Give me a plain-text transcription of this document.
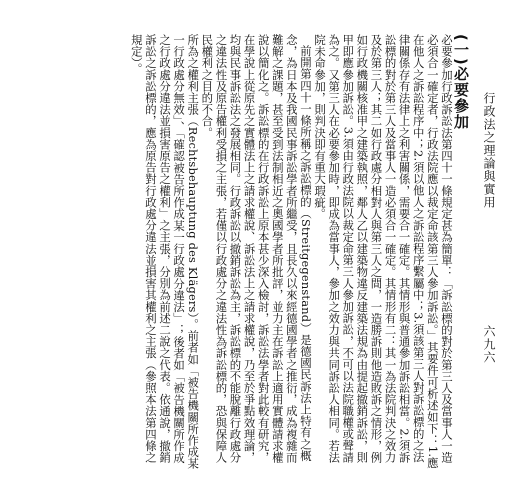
行政法之理論與實用
(一)必要參加
必要參加行政訴訟法第四十一條規定甚為簡單：「訴訟標的對於第三人及當事人一造必須合一確定者，行政法院應以裁定命該第三人參加訴訟。」其要件可析述如下：1.應在他人之訴訟程序中；2.須以他人之訴訟程序繫屬中；3.須該第三人對訴訟標的之法律關係存有法律上之利害關係，需要合一確定。其情形與普通參加訴訟相當。2.須訴訟標的對於第三人及當事人一造必須合一確定。其情形有二：其一為法院判決之效力及於第三人；其二如行政處分相對人與第三人之間，一造勝訴則他造敗訴之情形，例如行政機關核准甲之建築執照，鄰人乙以建築物違反建築法規為由提起撤銷訴訟，則甲即應參加訴訟。3.須由行政法院以裁定命第三人參加訴訟，不可以法院職權或聲請為之。又第三人在必要參加時，即成為當事人，參加之效力與共同訴訟人相同。若法院未命參加，則判決即有重大瑕疵。
前開第四十一條所稱之訴訟標的（Streitgegenstand）是德國民訴法上特有之概念，為日本及我國民事訴訟學者所繼受，且長久以來經德國學者之推衍，成為複雜而難解之課題，甚至受到法制相近之奧國學者所批評，並力主在訴訟上適用實體請求權說以簡化之。訴訟標的在行政訴訟上原本甚少深入檢討，訴訟法學者對此較有研究，在學說上從原先之實體法上之請求權說、訴訟法上之請求權說，乃至於爭點效理論，均與民事訴訟法之發展相同。行政訴訟以撤銷訴訟為主，訴訟標的不能脫離行政處分之違法性及原告權利受損之主張，若僅以行政處分之違法性為訴訟標的，恐與保障人民權利之目的不合。
所為之權利主張（Rechtsbehauptung des Klägers）。前者如「被告機關所作成某一行政處分無效」、「確認被告所作成某一行政處分違法」；後者如「被告機關所作成之行政處分違法並損害原告之權利」之主張，分別為前述二說之代表。依通說，撤銷訴訟之訴訟標的，應為原告對行政處分違法並損害其權利之主張（參照本法第四條之規定）。
六九六
